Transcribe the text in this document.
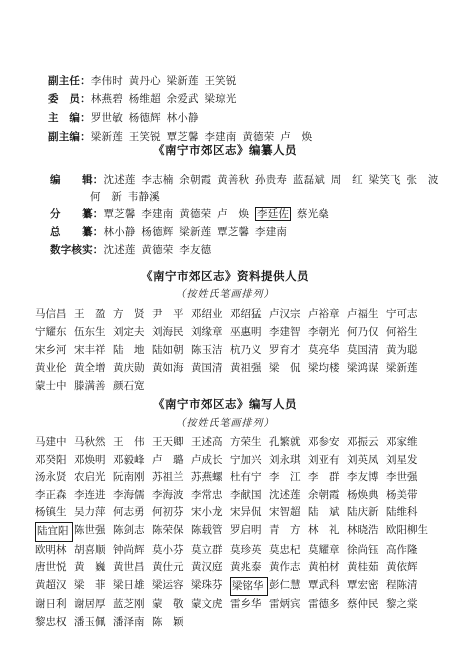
副主任：李伟时 黄丹心 梁新莲 王笑锐
委　员：林燕碧 杨维超 余爱武 梁琼光
主　编：罗世敏 杨德辉 林小静
副主编：梁新莲 王笑锐 覃芝馨 李建南 黄德荣 卢　焕
《南宁市郊区志》编纂人员
编　　辑：沈述莲 李志楠 余朝霞 黄善秋 孙贵寿 蓝磊斌 周　红 梁笑飞 张　波
何　新 韦静溪
分　　纂：覃芝馨 李建南 黄德荣 卢　焕 李廷佐 蔡光燊
总　　纂：林小静 杨德辉 梁新莲 覃芝馨 李建南
数字核实：沈述莲 黄德荣 李友德
《南宁市郊区志》资料提供人员
（按姓氏笔画排列）
马信昌 王　盈 方　贤 尹　平 邓绍业 邓绍猛 卢汉宗 卢裕章 卢福生 宁可志
宁耀东 伍东生 刘定夫 刘海民 刘缘章 巫惠明 李建智 李朝光 何乃仅 何裕生
宋乡河 宋丰祥 陆　地 陆如朝 陈玉洁 杭乃义 罗育才 莫亮华 莫国清 黄为聪
黄业伦 黄全增 黄庆勋 黄如海 黄国清 黄祖强 梁　侃 梁均楼 梁鸿谋 梁新莲
蒙士中 滕满善 颜石宽
《南宁市郊区志》编写人员
（按姓氏笔画排列）
马建中 马秋然 王　伟 王天卿 王述高 方荣生 孔繁就 邓参安 邓振云 邓家维
邓癸阳 邓焕明 邓毅峰 卢　璐 卢成长 宁加兴 刘永琪 刘亚有 刘英凤 刘星发
汤永贤 农启光 阮南刚 苏祖兰 苏燕螺 杜有宁 李　江 李　群 李友博 李世强
李正森 李连进 李海儒 李海波 李常忠 李献国 沈述莲 余朝霞 杨焕典 杨美带
杨镇生 吴力萍 何志勇 何初芬 宋小龙 宋异侃 宋智超 陆　斌 陆庆新 陆维科
陆宜阳 陈世强 陈剑志 陈荣保 陈载管 罗启明 青　方 林　礼 林晓浩 欧阳柳生
欧明林 胡喜顺 钟尚辉 莫小芬 莫立群 莫珍英 莫忠杞 莫耀章 徐尚钰 高作隆
唐世悦 黄　巍 黄世昌 黄仕元 黄汉庭 黄兆泰 黄作志 黄柏材 黄桂茹 黄依辉
黄超汉 梁　菲 梁日雄 梁运容 梁珠芬 梁铭华 彭仁慧 覃武科 覃宏密 程陈清
谢日利 谢居厚 蓝芝刚 蒙　敬 蒙文虎 雷乡华 雷炳宾 雷德多 蔡仲民 黎之棠
黎忠权 潘玉佩 潘泽南 陈　颖
